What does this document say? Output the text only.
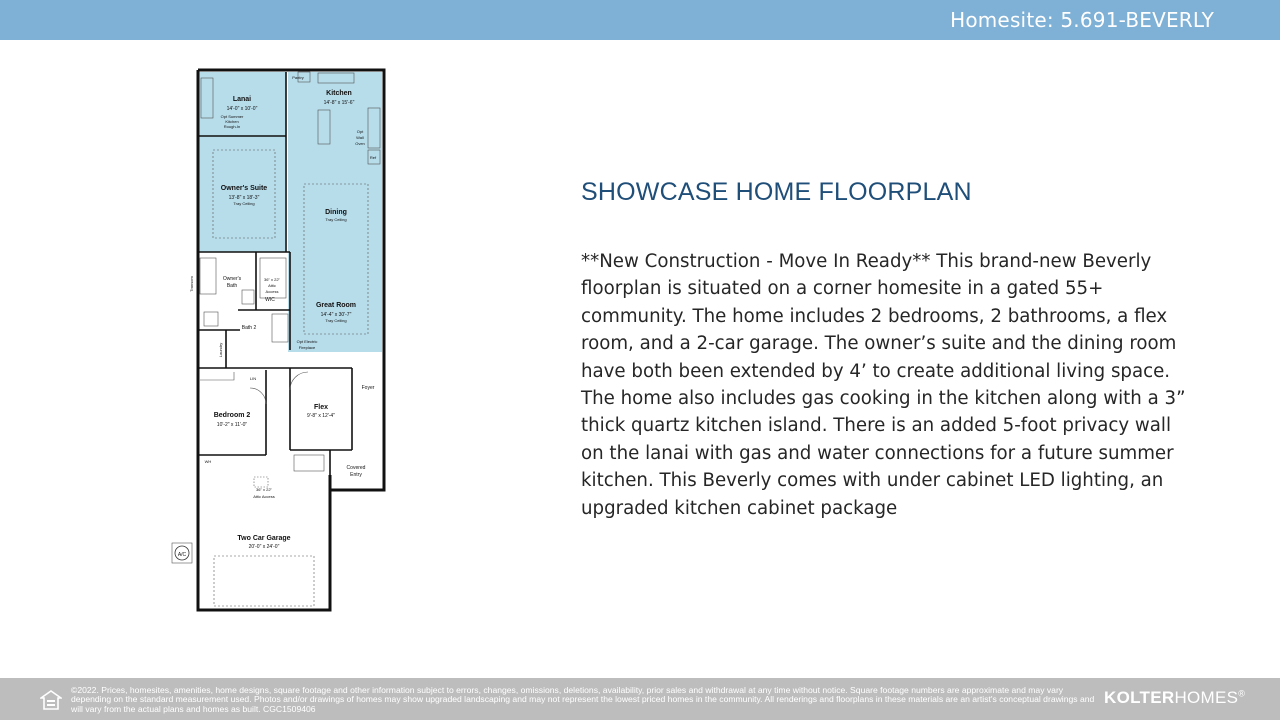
Homesite: 5.691-BEVERLY
Lanai
14'-0" x 10'-0"
Opt Summer
Kitchen
Rough-In
Pantry
Kitchen
14'-8" x 15'-6"
Opt
Wall
Oven
Ref
Owner's Suite
13'-8" x 18'-3"
Tray Ceiling
Dining
Tray Ceiling
Transom	Owner's
Bath
36" x 22"
Attic
Access
WIC
Great Room
14'-4" x 30'-7"
Tray Ceiling
Bath 2
Opt Electric
Fireplace
Laundry
LIN
Foyer
Bedroom 2
10'-2" x 11'-0"
Flex
9'-8" x 12'-4"
WH
Covered
Entry
36" x 22"
Attic Access
Two Car Garage
20'-0" x 24'-0"
A/C
SHOWCASE HOME FLOORPLAN
**New Construction - Move In Ready** This brand-new Beverly floorplan is situated on a corner homesite in a gated 55+ community. The home includes 2 bedrooms, 2 bathrooms, a flex room, and a 2-car garage. The owner’s suite and the dining room have both been extended by 4’ to create additional living space. The home also includes gas cooking in the kitchen along with a 3” thick quartz kitchen island. There is an added 5-foot privacy wall on the lanai with gas and water connections for a future summer kitchen. This Beverly comes with under cabinet LED lighting, an upgraded kitchen cabinet package
©2022. Prices, homesites, amenities, home designs, square footage and other information subject to errors, changes, omissions, deletions, availability, prior sales and withdrawal at any time without notice. Square footage numbers are approximate and may vary depending on the standard measurement used. Photos and/or drawings of homes may show upgraded landscaping and may not represent the lowest priced homes in the community. All renderings and floorplans in these materials are an artist's conceptual drawings and will vary from the actual plans and homes as built. CGC1509406
KOLTERHOMES®
